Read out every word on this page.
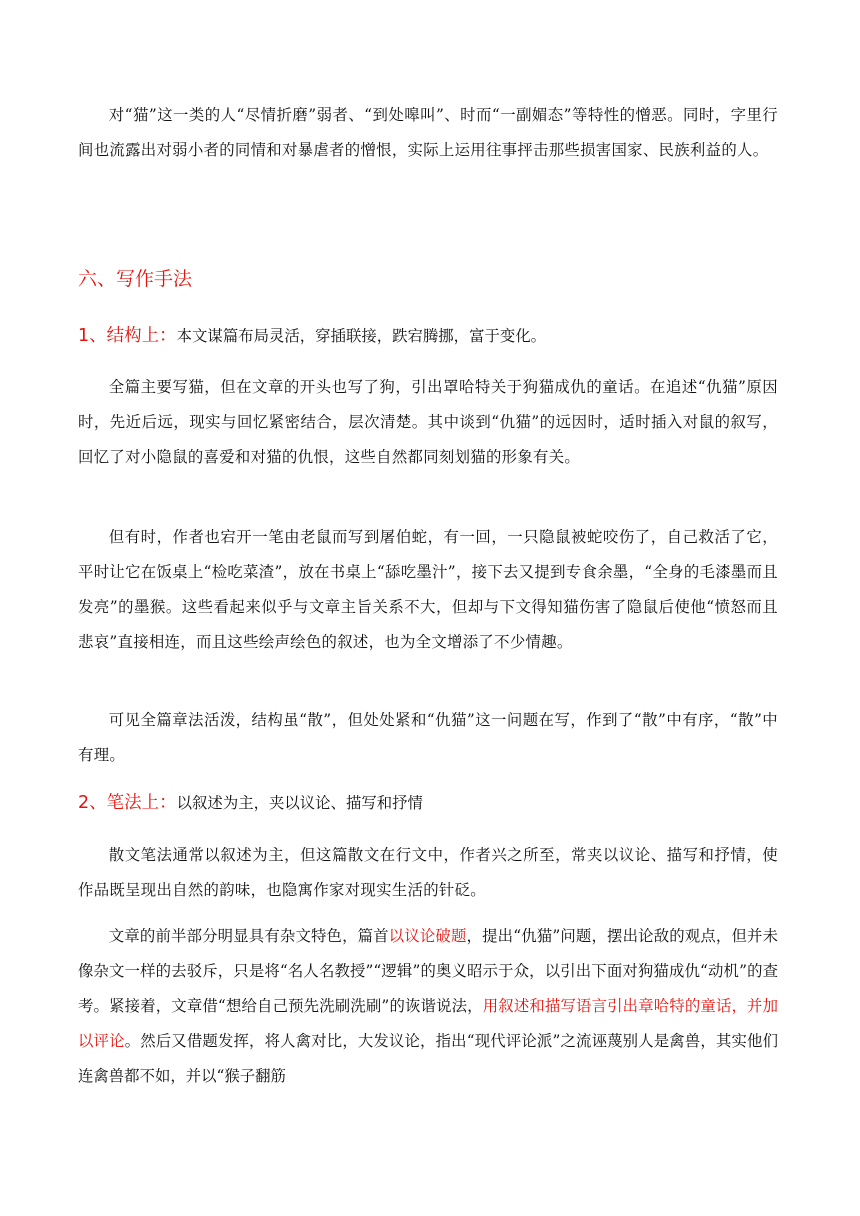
对“猫”这一类的人“尽情折磨”弱者、“到处嗥叫”、时而“一副媚态”等特性的憎恶。同时，字里行间也流露出对弱小者的同情和对暴虐者的憎恨，实际上运用往事抨击那些损害国家、民族利益的人。

六、写作手法
1、结构上：本文谋篇布局灵活，穿插联接，跌宕腾挪，富于变化。

全篇主要写猫，但在文章的开头也写了狗，引出罩哈特关于狗猫成仇的童话。在追述“仇猫”原因时，先近后远，现实与回忆紧密结合，层次清楚。其中谈到“仇猫”的远因时，适时插入对鼠的叙写，回忆了对小隐鼠的喜爱和对猫的仇恨，这些自然都同刻划猫的形象有关。

但有时，作者也宕开一笔由老鼠而写到屠伯蛇，有一回，一只隐鼠被蛇咬伤了，自己救活了它，平时让它在饭桌上“检吃菜渣”，放在书桌上“舔吃墨汁”，接下去又提到专食余墨，“全身的毛漆墨而且发亮”的墨猴。这些看起来似乎与文章主旨关系不大，但却与下文得知猫伤害了隐鼠后使他“愤怒而且悲哀”直接相连，而且这些绘声绘色的叙述，也为全文增添了不少情趣。

可见全篇章法活泼，结构虽“散”，但处处紧和“仇猫”这一问题在写，作到了“散”中有序，“散”中有理。

2、笔法上：以叙述为主，夹以议论、描写和抒情

散文笔法通常以叙述为主，但这篇散文在行文中，作者兴之所至，常夹以议论、描写和抒情，使作品既呈现出自然的韵味，也隐寓作家对现实生活的针砭。

文章的前半部分明显具有杂文特色，篇首以议论破题，提出“仇猫”问题，摆出论敌的观点，但并未像杂文一样的去驳斥，只是将“名人名教授”“逻辑”的奥义昭示于众，以引出下面对狗猫成仇“动机”的查考。紧接着，文章借“想给自己预先洗刷洗刷”的诙谐说法，用叙述和描写语言引出章哈特的童话，并加以评论。然后又借题发挥，将人禽对比，大发议论，指出“现代评论派”之流诬蔑别人是禽兽，其实他们连禽兽都不如，并以“猴子翻筋
